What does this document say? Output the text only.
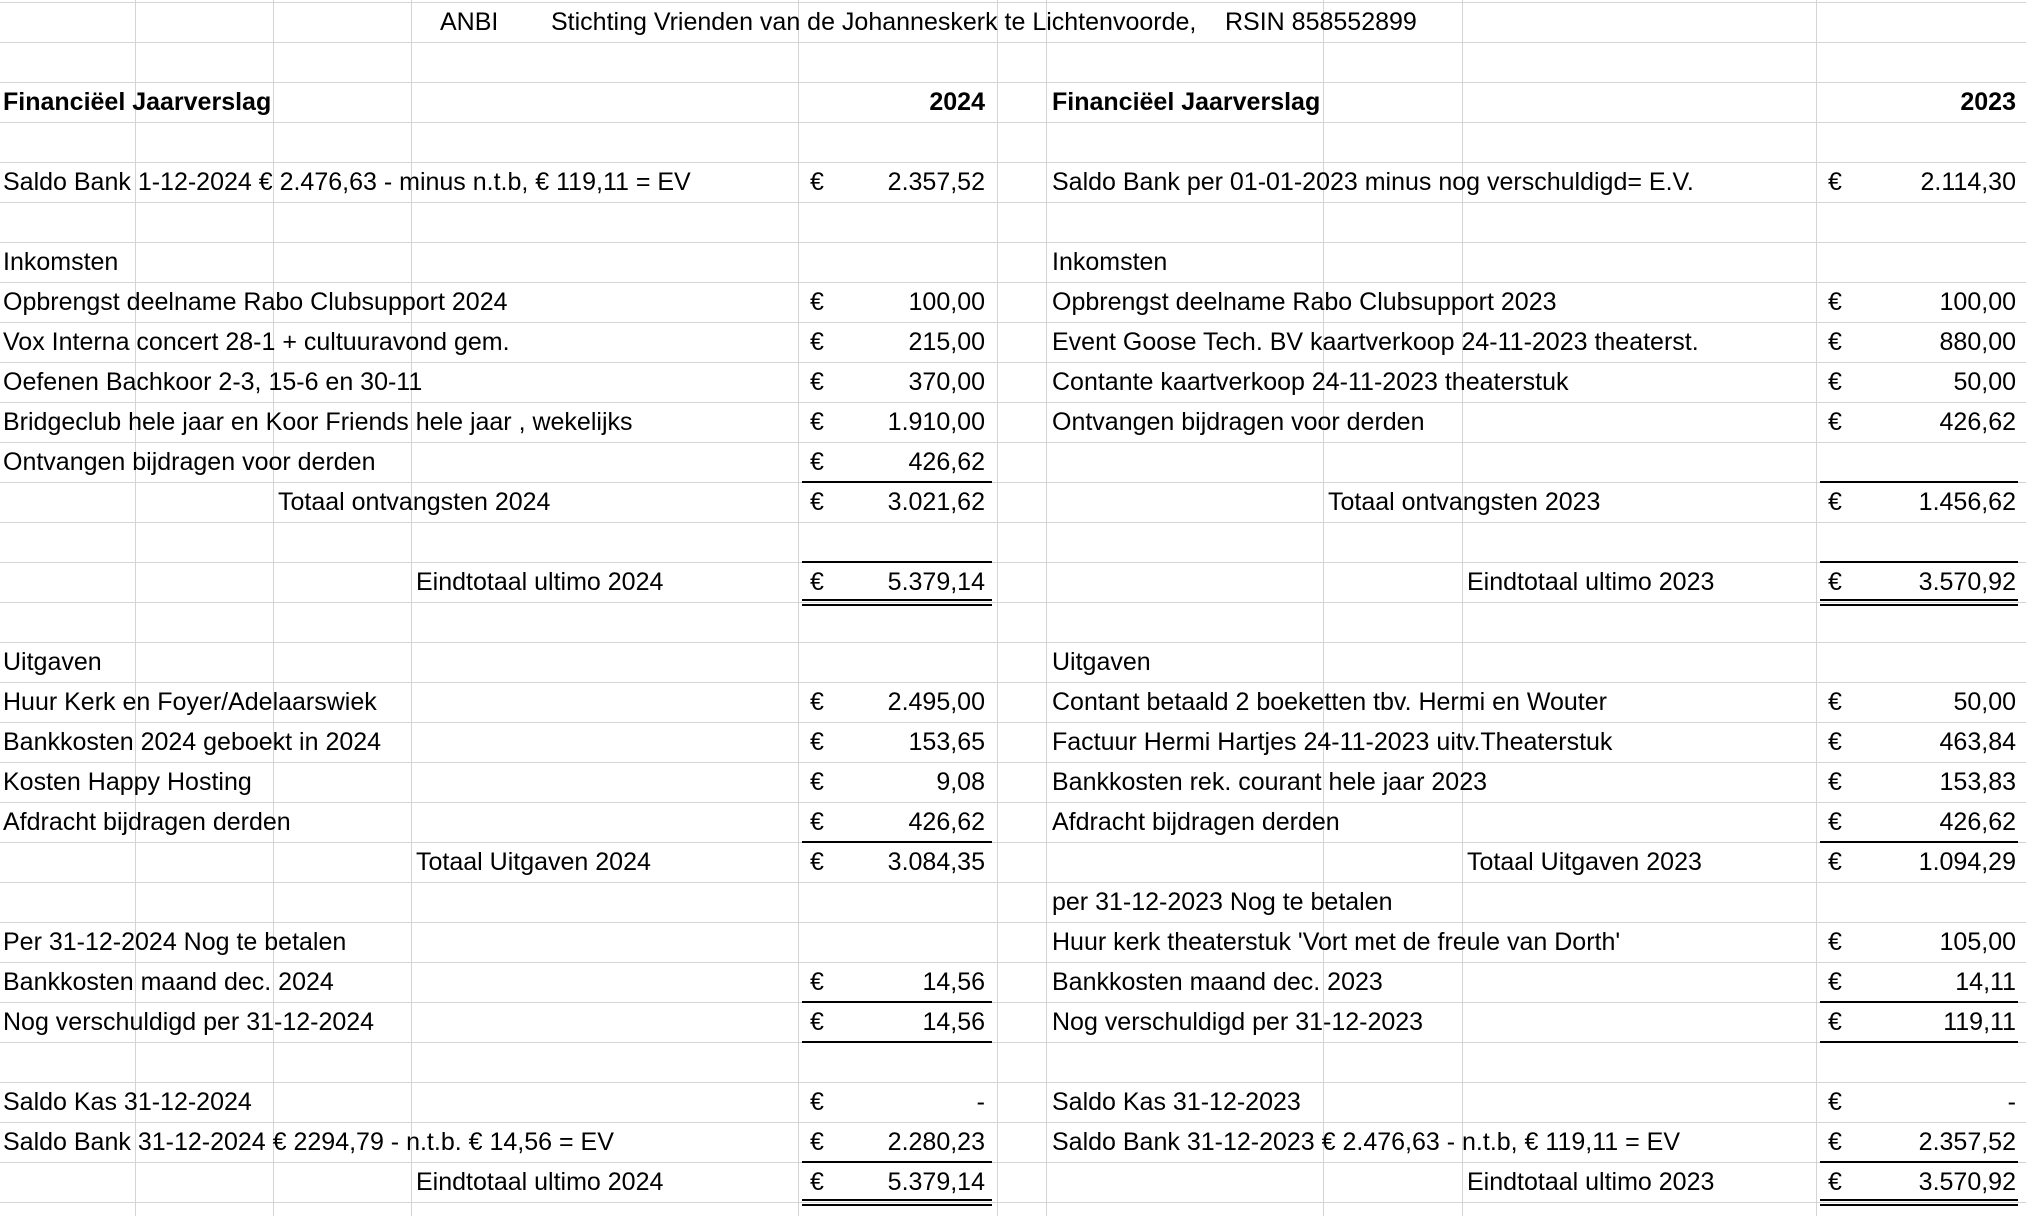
ANBI Stichting Vrienden van de Johanneskerk te Lichtenvoorde, RSIN 858552899
Financiëel Jaarverslag	2024
Saldo Bank 1-12-2024 € 2.476,63 - minus n.t.b, € 119,11 = EV	€	2.357,52
Inkomsten
Opbrengst deelname Rabo Clubsupport 2024	€	100,00
Vox Interna concert 28-1 + cultuuravond gem.	€	215,00
Oefenen Bachkoor 2-3, 15-6 en 30-11	€	370,00
Bridgeclub hele jaar en Koor Friends hele jaar , wekelijks	€	1.910,00
Ontvangen bijdragen voor derden	€	426,62
Totaal ontvangsten 2024	€	3.021,62
Eindtotaal ultimo 2024	€	5.379,14
Uitgaven
Huur Kerk en Foyer/Adelaarswiek	€	2.495,00
Bankkosten 2024 geboekt in 2024	€	153,65
Kosten Happy Hosting	€	9,08
Afdracht bijdragen derden	€	426,62
Totaal Uitgaven 2024	€	3.084,35
Per 31-12-2024 Nog te betalen
Bankkosten maand dec. 2024	€	14,56
Nog verschuldigd per 31-12-2024	€	14,56
Saldo Kas 31-12-2024	€	-
Saldo Bank 31-12-2024 € 2294,79 - n.t.b. € 14,56 = EV	€	2.280,23
Eindtotaal ultimo 2024	€	5.379,14
Financiëel Jaarverslag	2023
Saldo Bank per 01-01-2023 minus nog verschuldigd= E.V.	€	2.114,30
Inkomsten
Opbrengst deelname Rabo Clubsupport 2023	€	100,00
Event Goose Tech. BV kaartverkoop 24-11-2023 theaterst.	€	880,00
Contante kaartverkoop 24-11-2023 theaterstuk	€	50,00
Ontvangen bijdragen voor derden	€	426,62
Totaal ontvangsten 2023	€	1.456,62
Eindtotaal ultimo 2023	€	3.570,92
Uitgaven
Contant betaald 2 boeketten tbv. Hermi en Wouter	€	50,00
Factuur Hermi Hartjes 24-11-2023 uitv.Theaterstuk	€	463,84
Bankkosten rek. courant hele jaar 2023	€	153,83
Afdracht bijdragen derden	€	426,62
Totaal Uitgaven 2023	€	1.094,29
per 31-12-2023 Nog te betalen
Huur kerk theaterstuk 'Vort met de freule van Dorth'	€	105,00
Bankkosten maand dec. 2023	€	14,11
Nog verschuldigd per 31-12-2023	€	119,11
Saldo Kas 31-12-2023	€	-
Saldo Bank 31-12-2023 € 2.476,63 - n.t.b, € 119,11 = EV	€	2.357,52
Eindtotaal ultimo 2023	€	3.570,92
